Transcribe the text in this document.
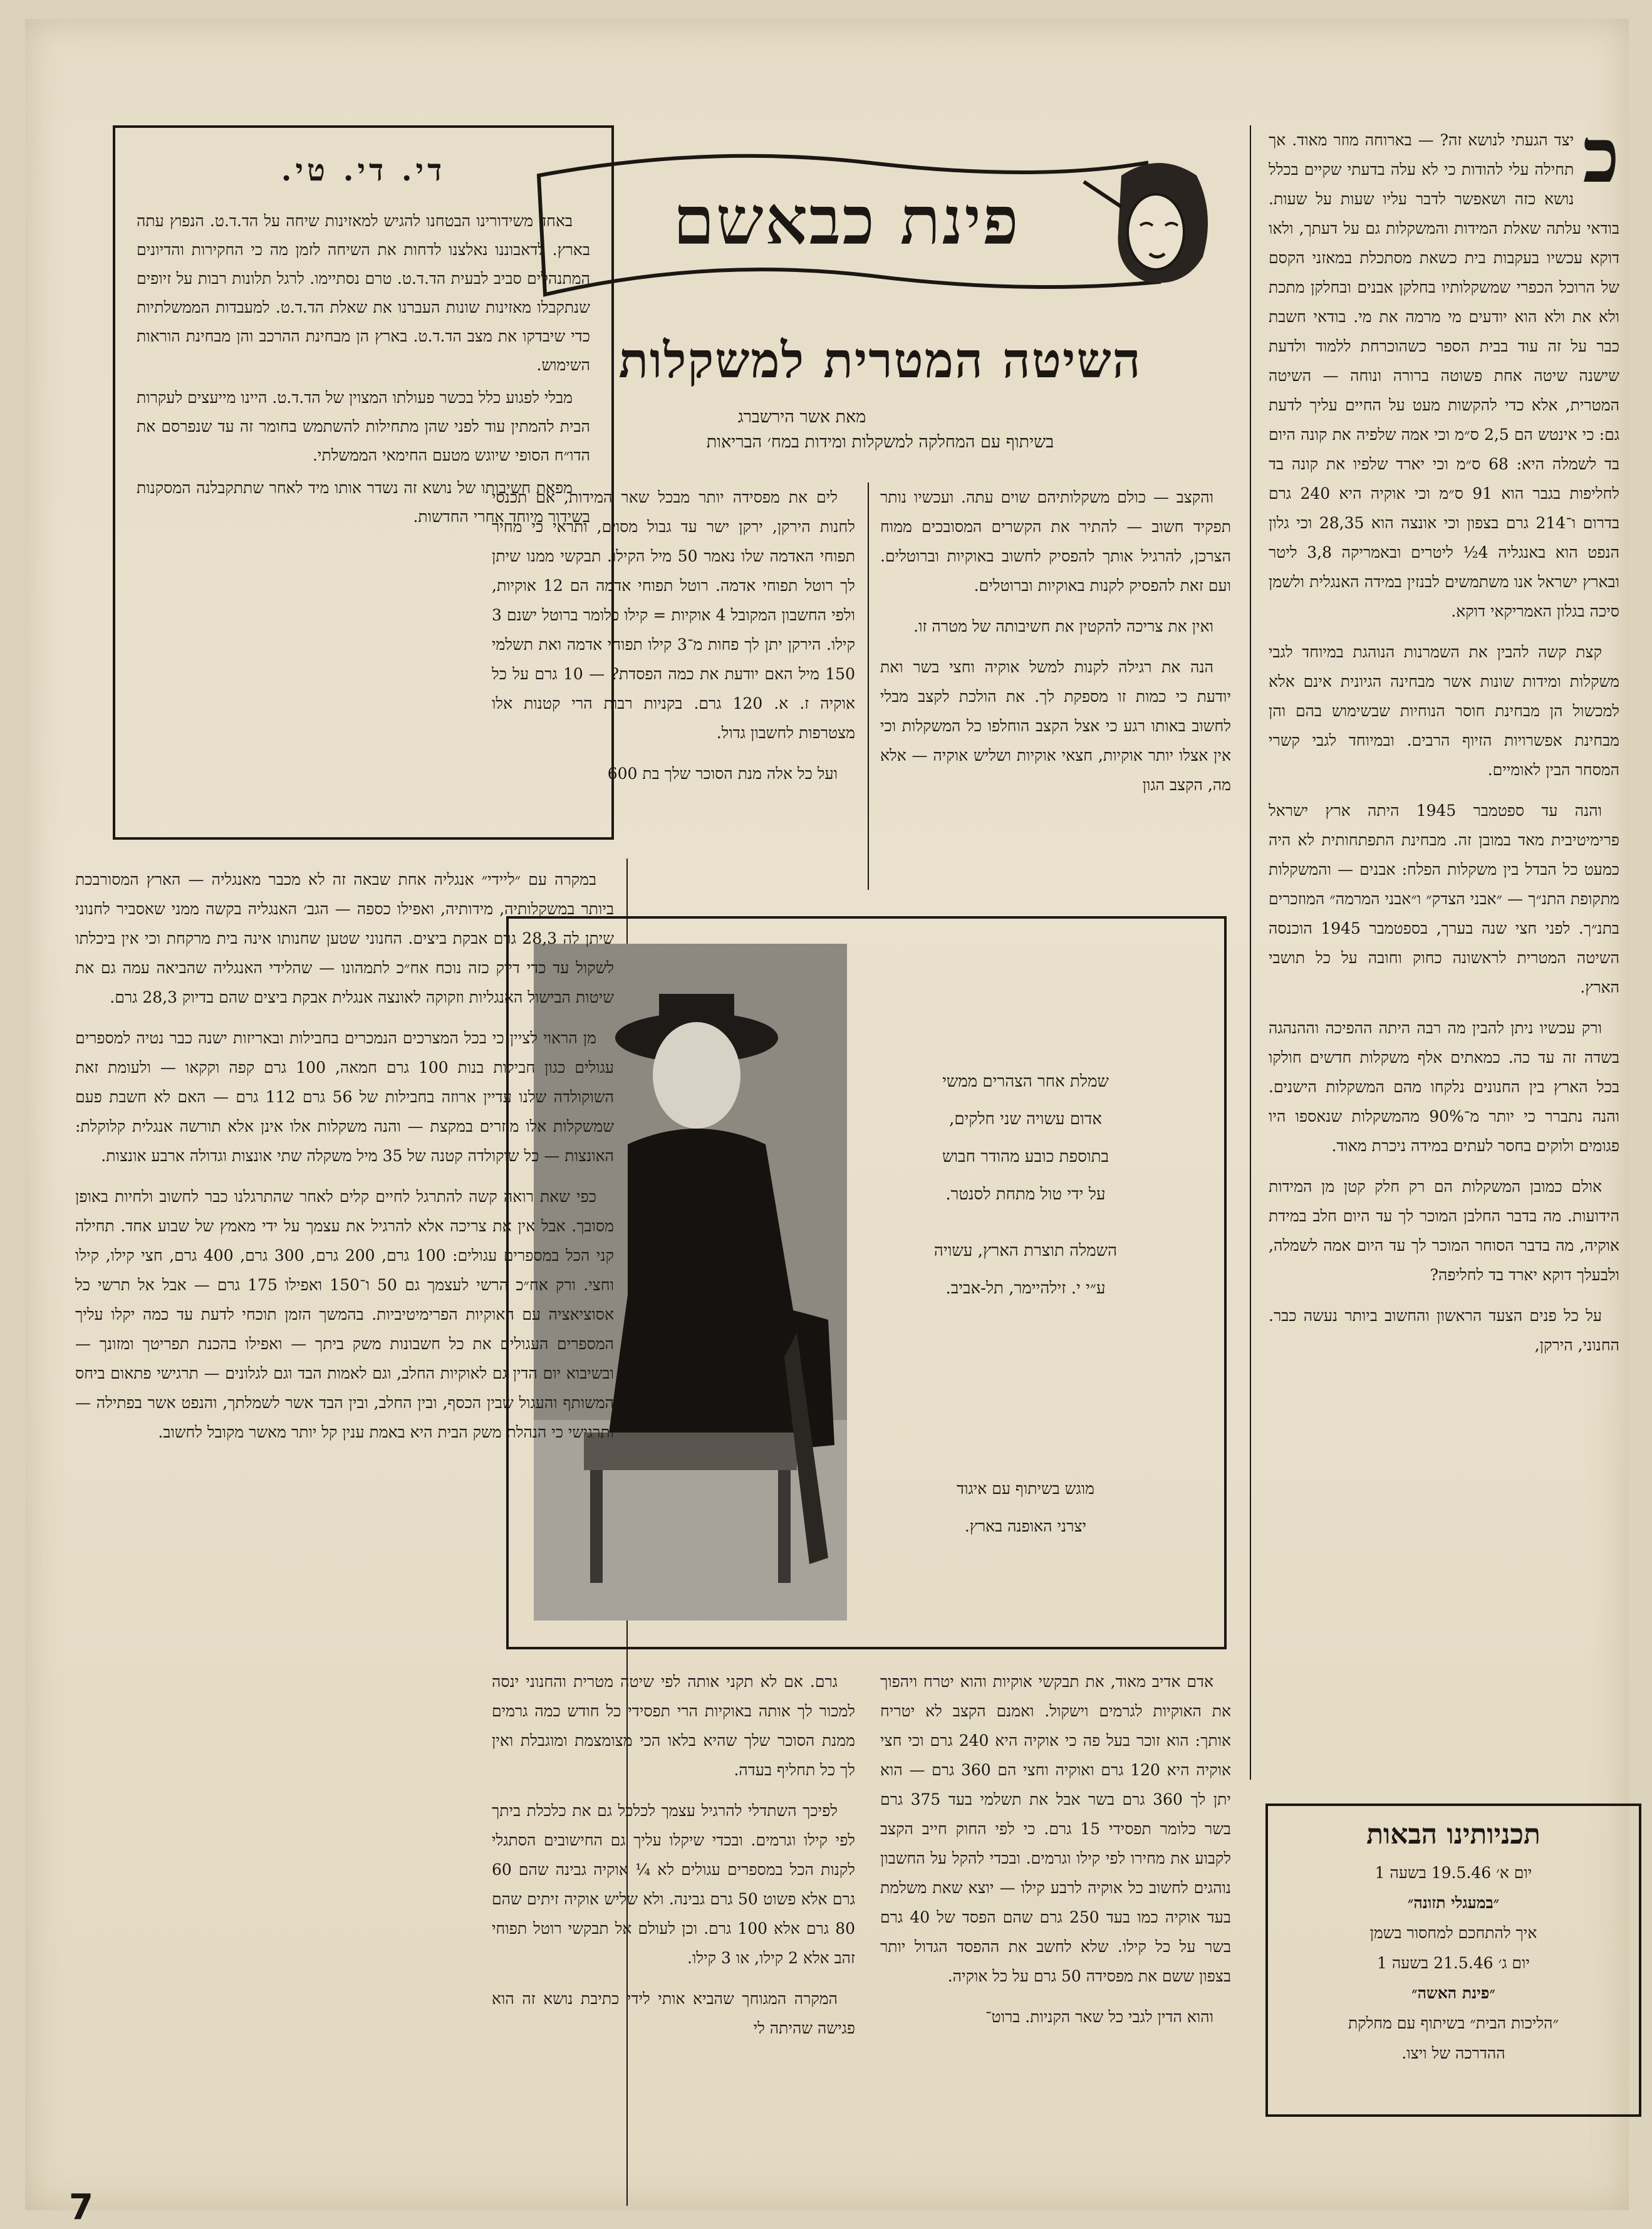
די. די. טי.

באחד משידורינו הבטחנו להגיש למאזינות שיחה על הד.ד.ט. הנפוץ עתה בארץ. לדאבוננו נאלצנו לדחות את השיחה לזמן מה כי החקירות והדיונים המתנהלים סביב לבעית הד.ד.ט. טרם נסתיימו. לרגל תלונות רבות על זיופים שנתקבלו מאזינות שונות העברנו את שאלת הד.ד.ט. למעבדות הממשלתיות כדי שיבדקו את מצב הד.ד.ט. בארץ הן מבחינת ההרכב והן מבחינת הוראות השימוש.

מבלי לפגוע כלל בכשר פעולתו המצוין של הד.ד.ט. היינו מייעצים לעקרות הבית להמתין עוד לפני שהן מתחילות להשתמש בחומר זה עד שנפרסם את הדו״ח הסופי שיוגש מטעם החימאי הממשלתי.

מפאת חשיבותו של נושא זה נשדר אותו מיד לאחר שתתקבלנה המסקנות בשידור מיוחד אחרי החדשות.

פינת כבאשם
השיטה המטרית למשקלות
מאת אשר הירשברג
בשיתוף עם המחלקה למשקלות ומידות במח׳ הבריאות
כ

יצד הגעתי לנושא זה? — בארוחה מוזר מאוד. אך תחילה עלי להודות כי לא עלה בדעתי שקיים בכלל נושא כזה ושאפשר לדבר עליו שעות על שעות. בודאי עלתה שאלת המידות והמשקלות גם על דעתך, ולאו דוקא עכשיו בעקבות בית כשאת מסתכלת במאזני הקסם של הרוכל הכפרי שמשקלותיו בחלקן אבנים ובחלקן מתכת ולא את ולא הוא יודעים מי מרמה את מי. בודאי חשבת כבר על זה עוד בבית הספר כשהוכרחת ללמוד ולדעת שישנה שיטה אחת פשוטה ברורה ונוחה — השיטה המטרית, אלא כדי להקשות מעט על החיים עליך לדעת גם: כי אינטש הם 2,5 ס״מ וכי אמה שלפיה את קונה היום בד לשמלה היא: 68 ס״מ וכי יארד שלפיו את קונה בד לחליפות בגבר הוא 91 ס״מ וכי אוקיה היא 240 גרם בדרום ו־214 גרם בצפון וכי אונצה הוא 28,35 וכי גלון הנפט הוא באנגליה 4½ ליטרים ובאמריקה 3,8 ליטר ובארץ ישראל אנו משתמשים לבנזין במידה האנגלית ולשמן סיכה בגלון האמריקאי דוקא.

קצת קשה להבין את השמרנות הנוהגת במיוחד לגבי משקלות ומידות שונות אשר מבחינה הגיונית אינם אלא למכשול הן מבחינת חוסר הנוחיות שבשימוש בהם והן מבחינת אפשרויות הזיוף הרבים. ובמיוחד לגבי קשרי המסחר הבין לאומיים.

והנה עד ספטמבר 1945 היתה ארץ ישראל פרימיטיבית מאד במובן זה. מבחינת התפתחותית לא היה כמעט כל הבדל בין משקלות הפלח: אבנים — והמשקלות מתקופת התנ״ך — ״אבני הצדק״ ו״אבני המרמה״ המוזכרים בתנ״ך. לפני חצי שנה בערך, בספטמבר 1945 הוכנסה השיטה המטרית לראשונה כחוק וחובה על כל תושבי הארץ.

ורק עכשיו ניתן להבין מה רבה היתה ההפיכה וההנהגה בשדה זה עד כה. כמאתים אלף משקלות חדשים חולקו בכל הארץ בין החנונים נלקחו מהם המשקלות הישנים. והנה נתברר כי יותר מ־90% מהמשקלות שנאספו היו פגומים ולוקים בחסר לעתים במידה ניכרת מאוד.

אולם כמובן המשקלות הם רק חלק קטן מן המידות הידועות. מה בדבר החלבן המוכר לך עד היום חלב במידת אוקיה, מה בדבר הסוחר המוכר לך עד היום אמה לשמלה, ולבעלך דוקא יארד בד לחליפה?

על כל פנים הצעד הראשון והחשוב ביותר נעשה כבר. החנוני, הירקן,

והקצב — כולם משקלותיהם שוים עתה. ועכשיו נותר תפקיד חשוב — להתיר את הקשרים המסובכים ממוח הצרכן, להרגיל אותך להפסיק לחשוב באוקיות וברוטלים. ועם זאת להפסיק לקנות באוקיות וברוטלים.

ואין את צריכה להקטין את חשיבותה של מטרה זו.

הנה את רגילה לקנות למשל אוקיה וחצי בשר ואת יודעת כי כמות זו מספקת לך. את הולכת לקצב מבלי לחשוב באותו רגע כי אצל הקצב הוחלפו כל המשקלות וכי אין אצלו יותר אוקיות, חצאי אוקיות ושליש אוקיה — אלא מה, הקצב הגון

לים את מפסידה יותר מבכל שאר המידות, אם תכנסי לחנות הירקן, ירקן ישר עד גבול מסוים, ותראי כי מחיר תפוחי האדמה שלו נאמר 50 מיל הקילו. תבקשי ממנו שיתן לך רוטל תפוחי אדמה. רוטל תפוחי אדמה הם 12 אוקיות, ולפי החשבון המקובל 4 אוקיות = קילו כלומר ברוטל ישנם 3 קילו. הירקן יתן לך פחות מ־3 קילו תפוחי אדמה ואת תשלמי 150 מיל האם יודעת את כמה הפסדת? — 10 גרם על כל אוקיה ז. א. 120 גרם. בקניות רבות הרי קטנות אלו מצטרפות לחשבון גדול.

ועל כל אלה מנת הסוכר שלך בת 600

שמלת אחר הצהרים ממשי
אדום עשויה שני חלקים,
בתוספת כובע מהודר חבוש
על ידי טול מתחת לסנטר.
השמלה תוצרת הארץ, עשויה
ע״י י. זילהיימר, תל-אביב.
מוגש בשיתוף עם איגוד
יצרני האופנה בארץ.

במקרה עם ״ליידי״ אנגליה אחת שבאה זה לא מכבר מאנגליה — הארץ המסורבכת ביותר במשקלותיה, מידותיה, ואפילו כספה — הגב׳ האנגליה בקשה ממני שאסביר לחנוני שיתן לה 28,3 גרם אבקת ביצים. החנוני שטען שחנותו אינה בית מרקחת וכי אין ביכלתו לשקול עד כדי דיוק כזה נוכח אח״כ לתמהונו — שהלידי האנגליה שהביאה עמה גם את שיטות הבישול האנגליות וזקוקה לאונצה אנגלית אבקת ביצים שהם בדיוק 28,3 גרם.

מן הראוי לציין כי בכל המצרכים הנמכרים בחבילות ובאריזות ישנה כבר נטיה למספרים עגולים כגון חבילות בנות 100 גרם חמאה, 100 גרם קפה וקקאו — ולעומת זאת השוקולדה שלנו עדיין ארוזה בחבילות של 56 גרם 112 גרם — האם לא חשבת פעם שמשקלות אלו מוזרים במקצת — והנה משקלות אלו אינן אלא תורשה אנגלית קלוקלת: האונצות — כל שוקולדה קטנה של 35 מיל משקלה שתי אונצות וגדולה ארבע אונצות.

כפי שאת רואה קשה להתרגל לחיים קלים לאחר שהתרגלנו כבר לחשוב ולחיות באופן מסובך. אבל אין את צריכה אלא להרגיל את עצמך על ידי מאמץ של שבוע אחד. תחילה קני הכל במספרים עגולים: 100 גרם, 200 גרם, 300 גרם, 400 גרם, חצי קילו, קילו וחצי. ורק אח״כ הרשי לעצמך גם 50 ו־150 ואפילו 175 גרם — אבל אל תרשי כל אסוציאציה עם האוקיות הפרימיטיביות. בהמשך הזמן תוכחי לדעת עד כמה יקלו עליך המספרים העגולים את כל חשבונות משק ביתך — ואפילו בהכנת תפריטך ומזונך — ובשיבוא יום הדין גם לאוקיות החלב, וגם לאמות הבד וגם לגלונים — תרגישי פתאום ביחס המשותף והעגול שבין הכסף, ובין החלב, ובין הבד אשר לשמלתך, והנפט אשר בפתילה — ותרגישי כי הנהלת משק הבית היא באמת ענין קל יותר מאשר מקובל לחשוב.

אדם אדיב מאוד, את תבקשי אוקיות והוא יטרח ויהפוך את האוקיות לגרמים וישקול. ואמנם הקצב לא יטריח אותך: הוא זוכר בעל פה כי אוקיה היא 240 גרם וכי חצי אוקיה היא 120 גרם ואוקיה וחצי הם 360 גרם — הוא יתן לך 360 גרם בשר אבל את תשלמי בעד 375 גרם בשר כלומר תפסידי 15 גרם. כי לפי החוק חייב הקצב לקבוע את מחירו לפי קילו וגרמים. ובכדי להקל על החשבון נוהגים לחשוב כל אוקיה לרבע קילו — יוצא שאת משלמת בעד אוקיה כמו בעד 250 גרם שהם הפסד של 40 גרם בשר על כל קילו. שלא לחשב את ההפסד הגדול יותר בצפון ששם את מפסידה 50 גרם על כל אוקיה.

והוא הדין לגבי כל שאר הקניות. ברוט־

גרם. אם לא תקני אותה לפי שיטה מטרית והחנוני ינסה למכור לך אותה באוקיות הרי תפסידי כל חודש כמה גרמים ממנת הסוכר שלך שהיא בלאו הכי מצומצמת ומוגבלת ואין לך כל תחליף בעדה.

לפיכך השתדלי להרגיל עצמך לכלכל גם את כלכלת ביתך לפי קילו וגרמים. ובכדי שיקלו עליך גם החישובים הסתגלי לקנות הכל במספרים עגולים לא ¼ אוקיה גבינה שהם 60 גרם אלא פשוט 50 גרם גבינה. ולא שליש אוקיה זיתים שהם 80 גרם אלא 100 גרם. וכן לעולם אל תבקשי רוטל תפוחי זהב אלא 2 קילו, או 3 קילו.

המקרה המגוחך שהביא אותי לידי כתיבת נושא זה הוא פגישה שהיתה לי

תכניותינו הבאות
יום א׳ 19.5.46 בשעה 1
״במעגלי תזונה״
איך להתחכם למחסור בשמן
יום ג׳ 21.5.46 בשעה 1
״פינת האשה״
״הליכות הבית״ בשיתוף עם מחלקת
ההדרכה של ויצו.
7
